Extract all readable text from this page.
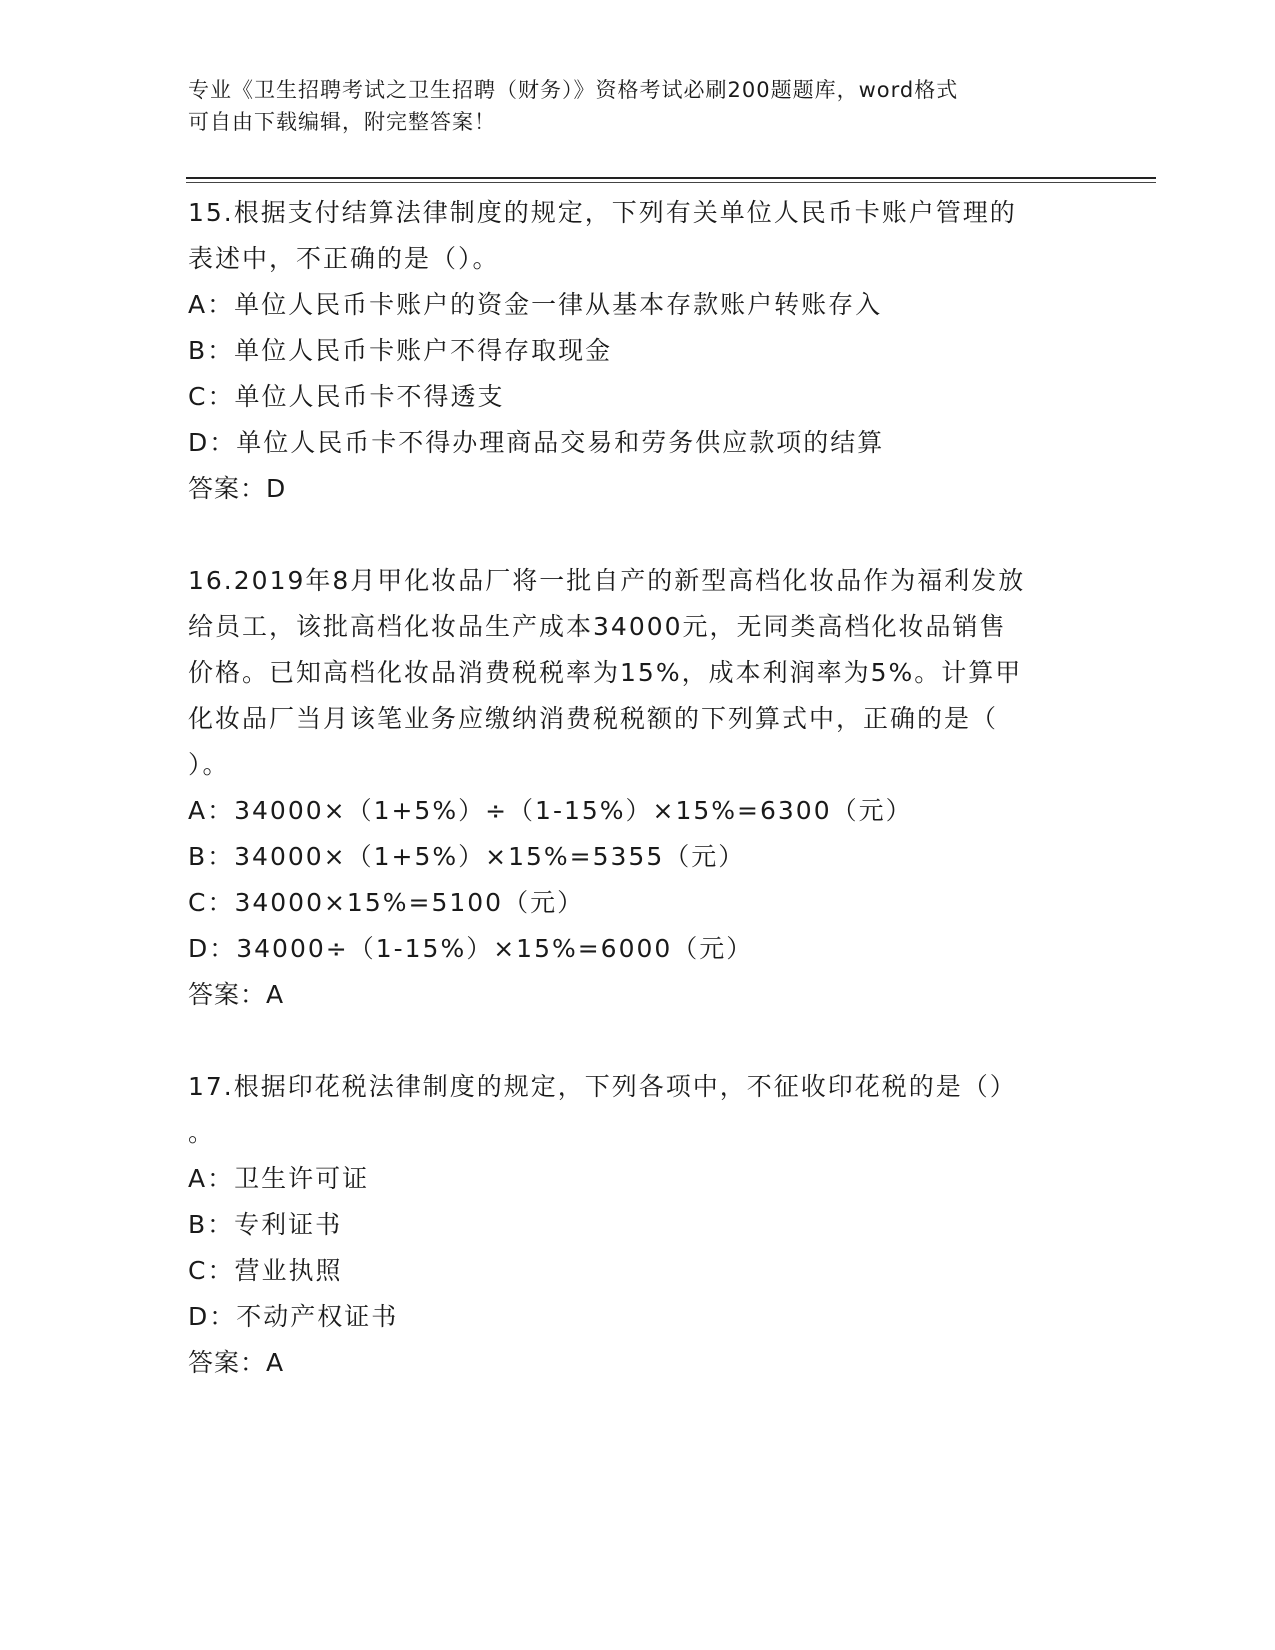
专业《卫生招聘考试之卫生招聘（财务）》资格考试必刷200题题库，word格式
可自由下载编辑，附完整答案！
15.根据支付结算法律制度的规定，下列有关单位人民币卡账户管理的
表述中，不正确的是（）。
A：单位人民币卡账户的资金一律从基本存款账户转账存入
B：单位人民币卡账户不得存取现金
C：单位人民币卡不得透支
D：单位人民币卡不得办理商品交易和劳务供应款项的结算
答案：D
16.2019年8月甲化妆品厂将一批自产的新型高档化妆品作为福利发放
给员工，该批高档化妆品生产成本34000元，无同类高档化妆品销售
价格。已知高档化妆品消费税税率为15%，成本利润率为5%。计算甲
化妆品厂当月该笔业务应缴纳消费税税额的下列算式中，正确的是（
）。
A：34000×（1+5%）÷（1-15%）×15%=6300（元）
B：34000×（1+5%）×15%=5355（元）
C：34000×15%=5100（元）
D：34000÷（1-15%）×15%=6000（元）
答案：A
17.根据印花税法律制度的规定，下列各项中，不征收印花税的是（）
。
A：卫生许可证
B：专利证书
C：营业执照
D：不动产权证书
答案：A
